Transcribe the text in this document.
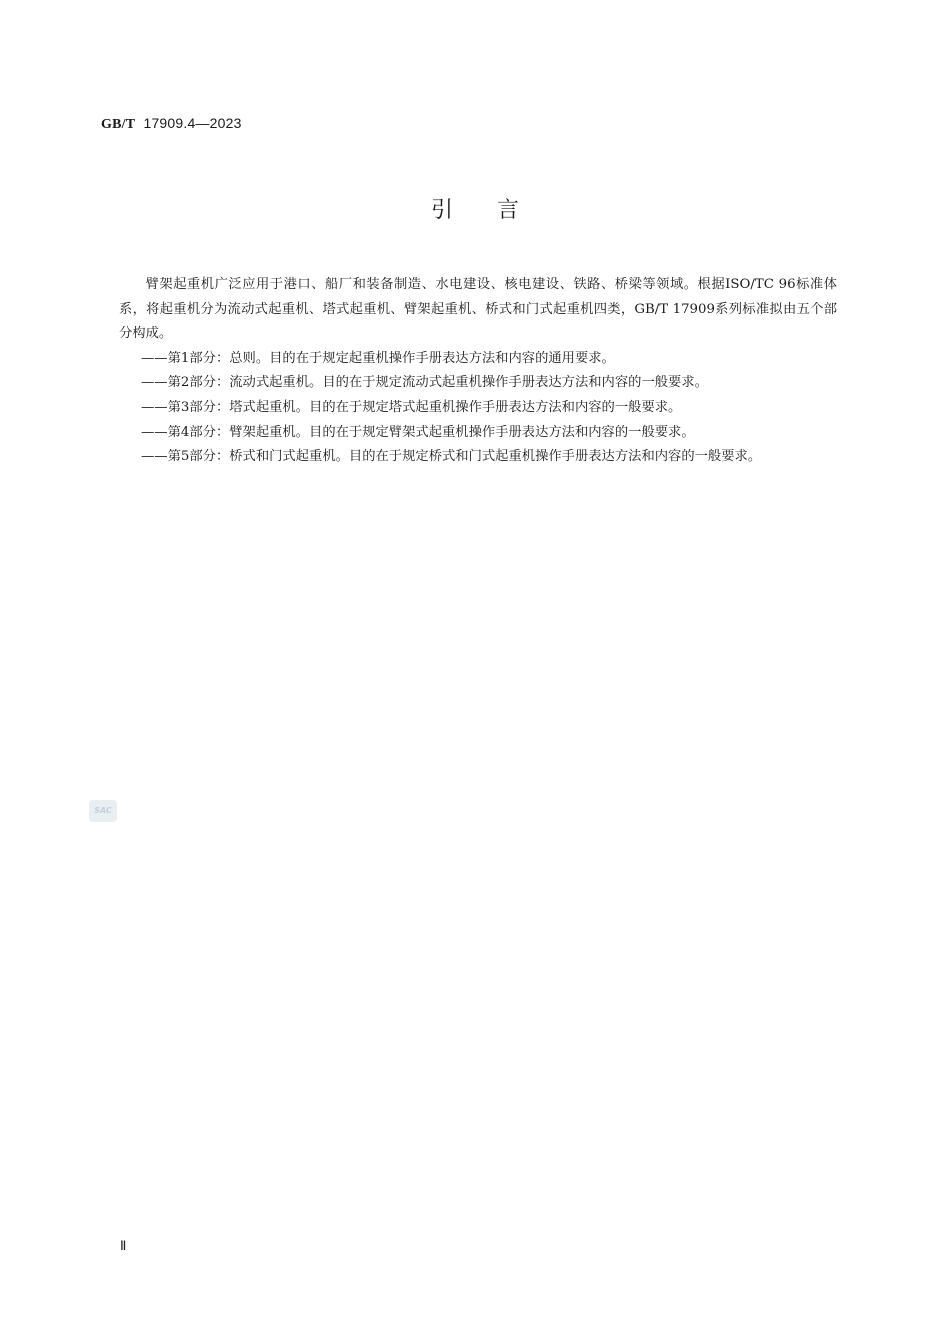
GB/T 17909.4—2023
引　　言

臂架起重机广泛应用于港口、船厂和装备制造、水电建设、核电建设、铁路、桥梁等领域。根据ISO/TC 96标准体系，将起重机分为流动式起重机、塔式起重机、臂架起重机、桥式和门式起重机四类，GB/T 17909系列标准拟由五个部分构成。

——第1部分：总则。目的在于规定起重机操作手册表达方法和内容的通用要求。

——第2部分：流动式起重机。目的在于规定流动式起重机操作手册表达方法和内容的一般要求。

——第3部分：塔式起重机。目的在于规定塔式起重机操作手册表达方法和内容的一般要求。

——第4部分：臂架起重机。目的在于规定臂架式起重机操作手册表达方法和内容的一般要求。

——第5部分：桥式和门式起重机。目的在于规定桥式和门式起重机操作手册表达方法和内容的一般要求。

SAC
Ⅱ
